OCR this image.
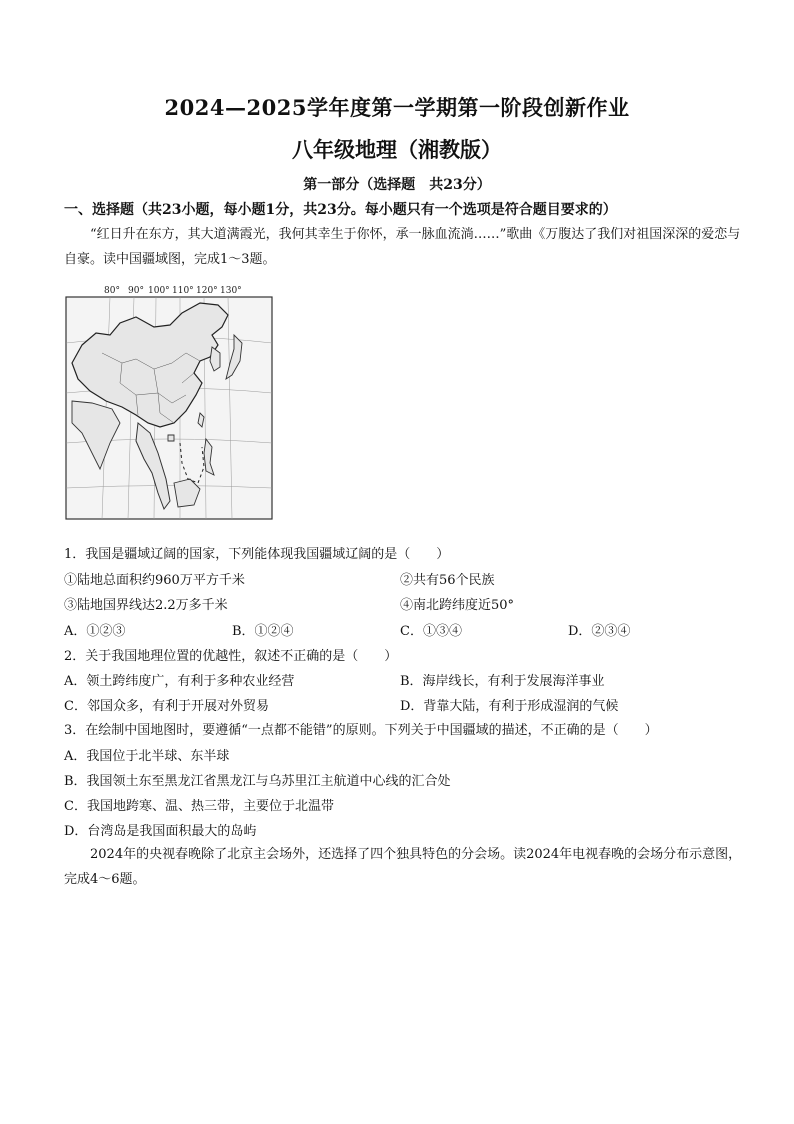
2024—2025学年度第一学期第一阶段创新作业
八年级地理（湘教版）
第一部分（选择题　共23分）
一、选择题（共23小题，每小题1分，共23分。每小题只有一个选项是符合题目要求的）
“红日升在东方，其大道满霞光，我何其幸生于你怀，承一脉血流淌……”歌曲《万腹达了我们对祖国深深的爱恋与自豪。读中国疆域图，完成1～3题。
80° 90° 100° 110° 120° 130°
1．我国是疆域辽阔的国家，下列能体现我国疆域辽阔的是（　　）
①陆地总面积约960万平方千米	②共有56个民族
③陆地国界线达2.2万多千米	④南北跨纬度近50°
A．①②③	B．①②④	C．①③④	D．②③④
2．关于我国地理位置的优越性，叙述不正确的是（　　）
A．领土跨纬度广，有利于多种农业经营	B．海岸线长，有利于发展海洋事业
C．邻国众多，有利于开展对外贸易	D．背靠大陆，有利于形成湿润的气候
3．在绘制中国地图时，要遵循“一点都不能错”的原则。下列关于中国疆域的描述，不正确的是（　　）
A．我国位于北半球、东半球
B．我国领土东至黑龙江省黑龙江与乌苏里江主航道中心线的汇合处
C．我国地跨寒、温、热三带，主要位于北温带
D．台湾岛是我国面积最大的岛屿
2024年的央视春晚除了北京主会场外，还选择了四个独具特色的分会场。读2024年电视春晚的会场分布示意图，完成4～6题。
